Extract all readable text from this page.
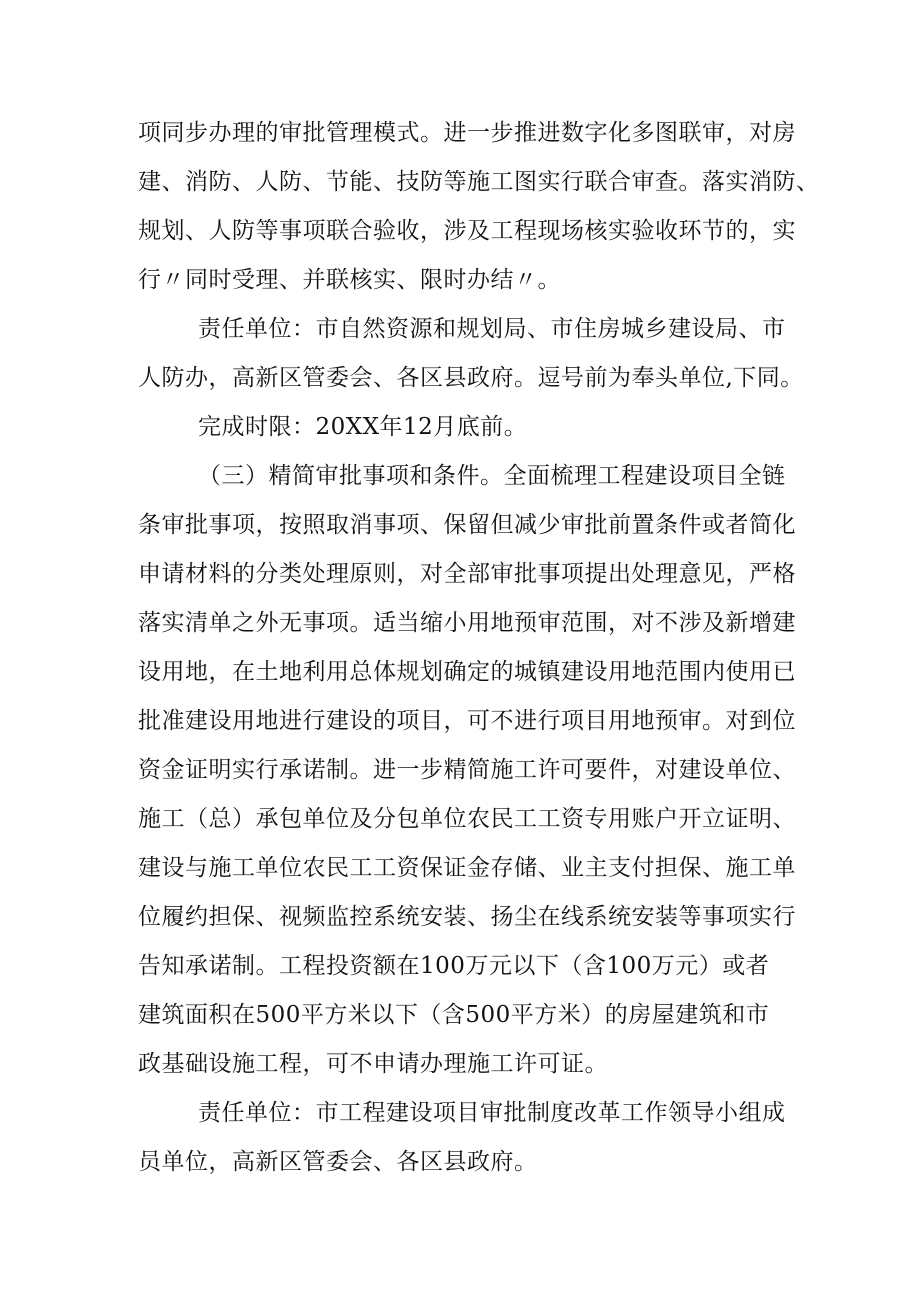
项同步办理的审批管理模式。进一步推进数字化多图联审，对房
建、消防、人防、节能、技防等施工图实行联合审查。落实消防、
规划、人防等事项联合验收，涉及工程现场核实验收环节的，实
行〃同时受理、并联核实、限时办结〃。
责任单位：市自然资源和规划局、市住房城乡建设局、市
人防办，高新区管委会、各区县政府。逗号前为奉头单位,下同。
完成时限：20XX年12月底前。
（三）精简审批事项和条件。全面梳理工程建设项目全链
条审批事项，按照取消事项、保留但减少审批前置条件或者简化
申请材料的分类处理原则，对全部审批事项提出处理意见，严格
落实清单之外无事项。适当缩小用地预审范围，对不涉及新增建
设用地，在土地利用总体规划确定的城镇建设用地范围内使用已
批准建设用地进行建设的项目，可不进行项目用地预审。对到位
资金证明实行承诺制。进一步精简施工许可要件，对建设单位、
施工（总）承包单位及分包单位农民工工资专用账户开立证明、
建设与施工单位农民工工资保证金存储、业主支付担保、施工单
位履约担保、视频监控系统安装、扬尘在线系统安装等事项实行
告知承诺制。工程投资额在100万元以下（含100万元）或者
建筑面积在500平方米以下（含500平方米）的房屋建筑和市
政基础设施工程，可不申请办理施工许可证。
责任单位：市工程建设项目审批制度改革工作领导小组成
员单位，高新区管委会、各区县政府。
